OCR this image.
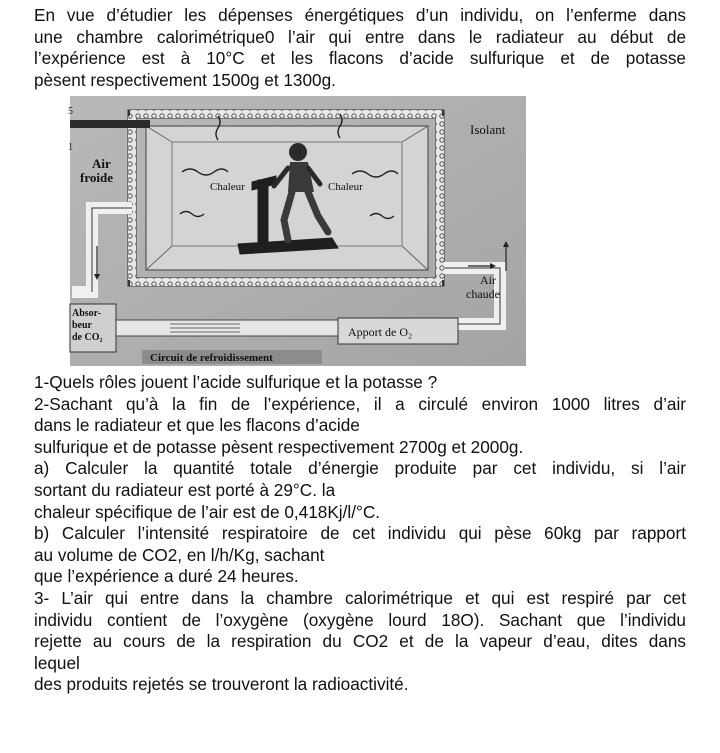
En vue d’étudier les dépenses énergétiques d’un individu, on l’enferme dans
une chambre calorimétrique0 l’air qui entre dans le radiateur au début de
l’expérience est à 10°C et les flacons d’acide sulfurique et de potasse
pèsent respectivement 1500g et 1300g.
5
1
Isolant
Air
froide
Chaleur	Chaleur
Air
chaude
Absor-
beur
de CO₂	Apport de O₂
Circuit de refroidissement
1-Quels rôles jouent l’acide sulfurique et la potasse ?
2-Sachant qu’à la fin de l’expérience, il a circulé environ 1000 litres d’air
dans le radiateur et que les flacons d’acide
sulfurique et de potasse pèsent respectivement 2700g et 2000g.
a) Calculer la quantité totale d’énergie produite par cet individu, si l’air
sortant du radiateur est porté à 29°C. la
chaleur spécifique de l’air est de 0,418Kj/l/°C.
b) Calculer l’intensité respiratoire de cet individu qui pèse 60kg par rapport
au volume de CO2, en l/h/Kg, sachant
que l’expérience a duré 24 heures.
3- L’air qui entre dans la chambre calorimétrique et qui est respiré par cet
individu contient de l’oxygène (oxygène lourd 18O). Sachant que l’individu
rejette au cours de la respiration du CO2 et de la vapeur d’eau, dites dans
lequel
des produits rejetés se trouveront la radioactivité.
